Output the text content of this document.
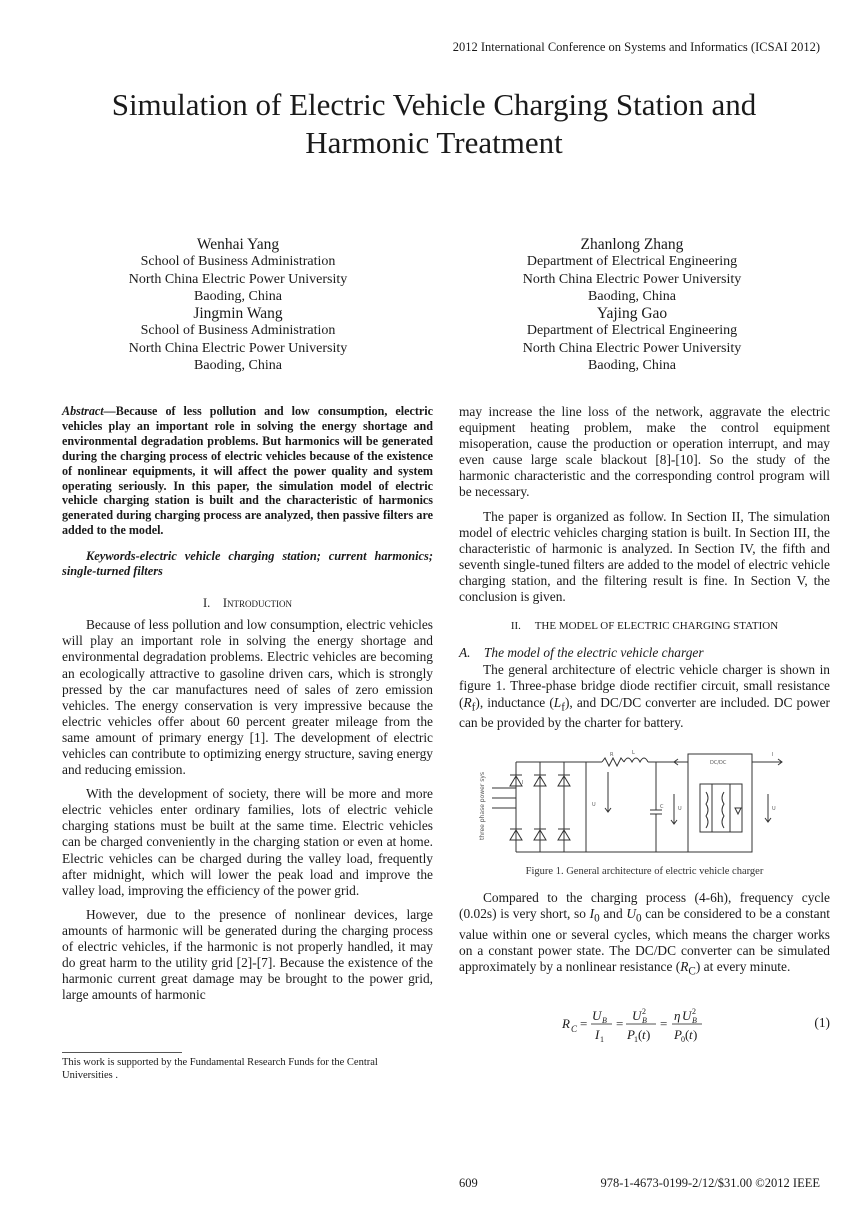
2012 International Conference on Systems and Informatics (ICSAI 2012)
Simulation of Electric Vehicle Charging Station and
Harmonic Treatment
Wenhai Yang
School of Business Administration
North China Electric Power University
Baoding, China
Jingmin Wang
School of Business Administration
North China Electric Power University
Baoding, China
Zhanlong Zhang
Department of Electrical Engineering
North China Electric Power University
Baoding, China
Yajing Gao
Department of Electrical Engineering
North China Electric Power University
Baoding, China

Abstract—Because of less pollution and low consumption, electric vehicles play an important role in solving the energy shortage and environmental degradation problems. But harmonics will be generated during the charging process of electric vehicles because of the existence of nonlinear equipments, it will affect the power quality and system operating seriously. In this paper, the simulation model of electric vehicle charging station is built and the characteristic of harmonics generated during charging process are analyzed, then passive filters are added to the model.

Keywords-electric vehicle charging station; current harmonics; single-turned filters

I. Introduction

Because of less pollution and low consumption, electric vehicles will play an important role in solving the energy shortage and environmental degradation problems. Electric vehicles are becoming an ecologically attractive to gasoline driven cars, which is strongly pressed by the car manufactures need of sales of zero emission vehicles. The energy conservation is very impressive because the electric vehicles offer about 60 percent greater mileage from the same amount of primary energy [1]. The development of electric vehicles can contribute to optimizing energy structure, saving energy and reducing emission.

With the development of society, there will be more and more electric vehicles enter ordinary families, lots of electric vehicle charging stations must be built at the same time. Electric vehicles can be charged conveniently in the charging station or even at home. Electric vehicles can be charged during the valley load, frequently after midnight, which will lower the peak load and improve the valley load, improving the efficiency of the power grid.

However, due to the presence of nonlinear devices, large amounts of harmonic will be generated during the charging process of electric vehicles, if the harmonic is not properly handled, it may do great harm to the utility grid [2]-[7]. Because the existence of the harmonic current great damage may be brought to the power grid, large amounts of harmonic

This work is supported by the Fundamental Research Funds for the Central Universities .

may increase the line loss of the network, aggravate the electric equipment heating problem, make the control equipment misoperation, cause the production or operation interrupt, and may even cause large scale blackout [8]-[10]. So the study of the harmonic characteristic and the corresponding control program will be necessary.

The paper is organized as follow. In Section II, The simulation model of electric vehicles charging station is built. In Section III, the characteristic of harmonic is analyzed. In Section IV, the fifth and seventh single-tuned filters are added to the model of electric vehicle charging station, and the filtering result is fine. In Section V, the conclusion is given.

II. THE MODEL OF ELECTRIC CHARGING STATION

A. The model of the electric vehicle charger

The general architecture of electric vehicle charger is shown in figure 1. Three-phase bridge diode rectifier circuit, small resistance $(R_f)$, inductance $(L_f)$, and DC/DC converter are included. DC power can be provided by the charter for battery.

R	L
I
U	C	U
DC/DC
I
U
three phase power sys
Figure 1. General architecture of electric vehicle charger

Compared to the charging process (4-6h), frequency cycle (0.02s) is very short, so $I_0$ and $U_0$ can be considered to be a constant value within one or several cycles, which means the charger works on a constant power state. The DC/DC converter can be simulated approximately by a nonlinear resistance $(R_C)$ at every minute.

R C =
U B
I 1
=
U 2
B
P 1 ( t )
=
η U 2
B
P 0 ( t )
(1)
609	978-1-4673-0199-2/12/$31.00 ©2012 IEEE
